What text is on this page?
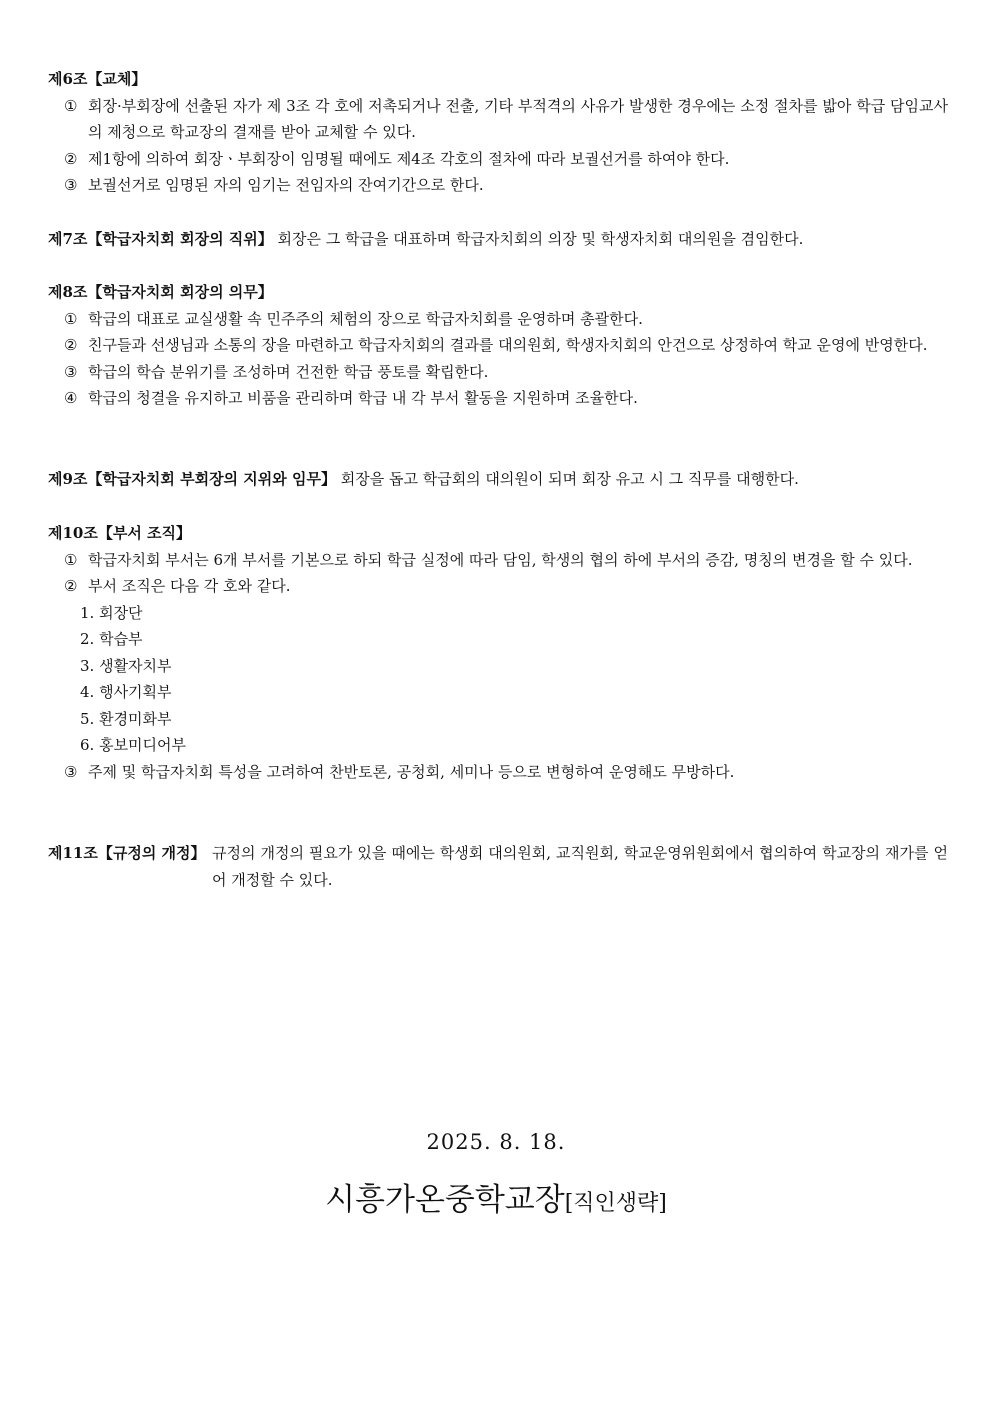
제6조【교체】
① 회장·부회장에 선출된 자가 제 3조 각 호에 저촉되거나 전출, 기타 부적격의 사유가 발생한 경우에는 소정 절차를 밟아 학급 담임교사의 제청으로 학교장의 결재를 받아 교체할 수 있다.
② 제1항에 의하여 회장ㆍ부회장이 임명될 때에도 제4조 각호의 절차에 따라 보궐선거를 하여야 한다.
③ 보궐선거로 임명된 자의 임기는 전임자의 잔여기간으로 한다.
제7조【학급자치회 회장의 직위】 회장은 그 학급을 대표하며 학급자치회의 의장 및 학생자치회 대의원을 겸임한다.
제8조【학급자치회 회장의 의무】
① 학급의 대표로 교실생활 속 민주주의 체험의 장으로 학급자치회를 운영하며 총괄한다.
② 친구들과 선생님과 소통의 장을 마련하고 학급자치회의 결과를 대의원회, 학생자치회의 안건으로 상정하여 학교 운영에 반영한다.
③ 학급의 학습 분위기를 조성하며 건전한 학급 풍토를 확립한다.
④ 학급의 청결을 유지하고 비품을 관리하며 학급 내 각 부서 활동을 지원하며 조율한다.
제9조【학급자치회 부회장의 지위와 임무】 회장을 돕고 학급회의 대의원이 되며 회장 유고 시 그 직무를 대행한다.
제10조【부서 조직】
① 학급자치회 부서는 6개 부서를 기본으로 하되 학급 실정에 따라 담임, 학생의 협의 하에 부서의 증감, 명칭의 변경을 할 수 있다.
② 부서 조직은 다음 각 호와 같다.
1. 회장단
2. 학습부
3. 생활자치부
4. 행사기획부
5. 환경미화부
6. 홍보미디어부
③ 주제 및 학급자치회 특성을 고려하여 찬반토론, 공청회, 세미나 등으로 변형하여 운영해도 무방하다.
제11조【규정의 개정】 규정의 개정의 필요가 있을 때에는 학생회 대의원회, 교직원회, 학교운영위원회에서 협의하여 학교장의 재가를 얻어 개정할 수 있다.
2025. 8. 18.
시흥가온중학교장[직인생략]
